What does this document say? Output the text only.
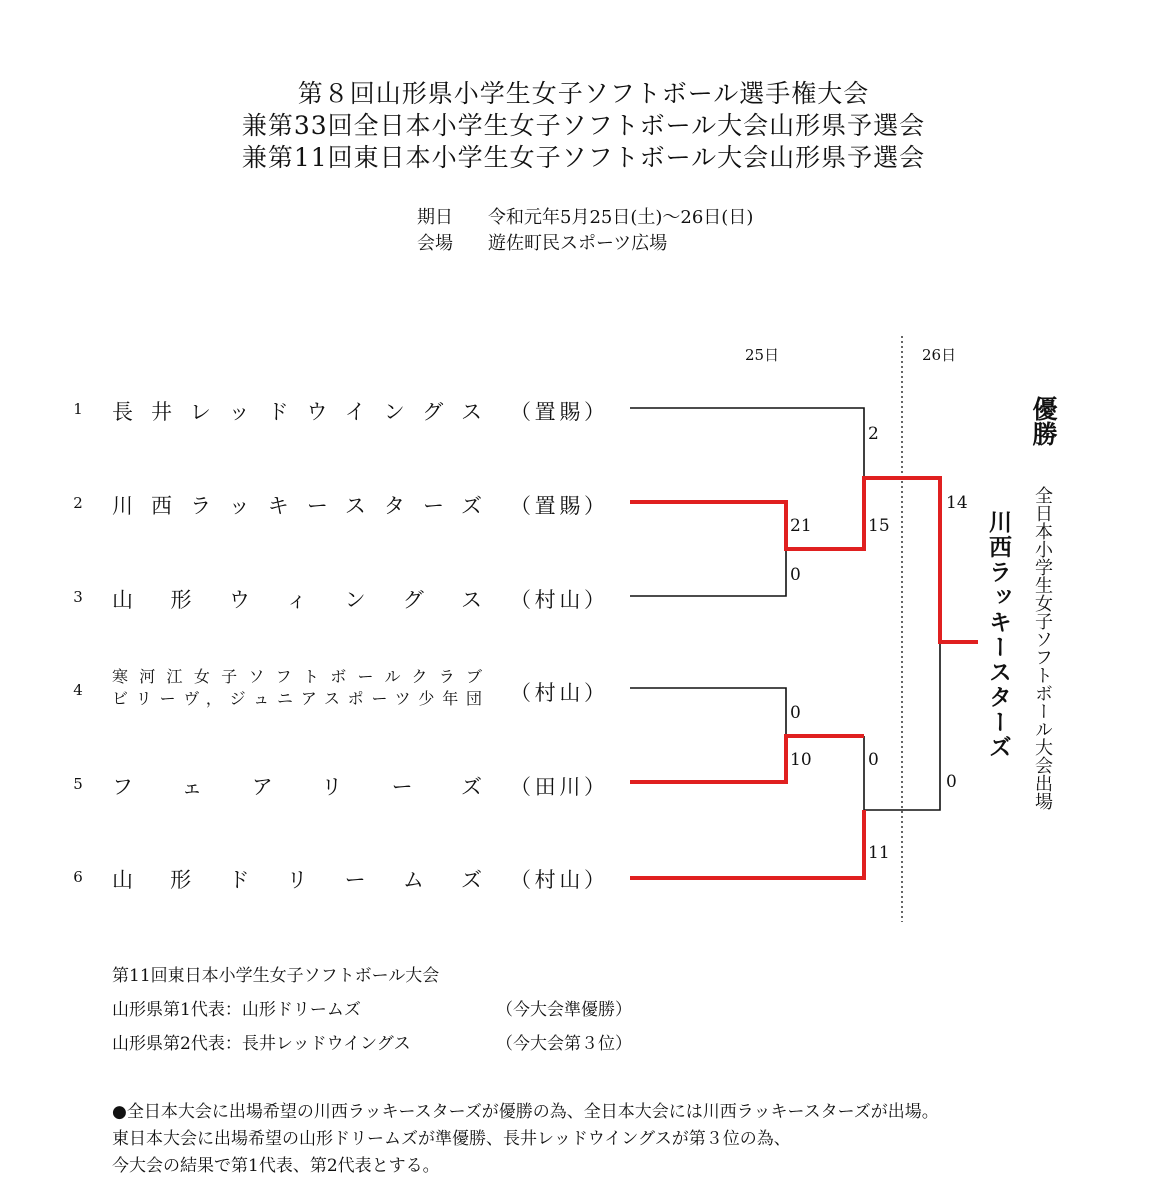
第８回山形県小学生女子ソフトボール選手権大会
兼第33回全日本小学生女子ソフトボール大会山形県予選会
兼第11回東日本小学生女子ソフトボール大会山形県予選会
期日 令和元年5月25日(土)～26日(日)
会場 遊佐町民スポーツ広場
25日	26日
1 長井レッドウイングス （置賜）
2 川西ラッキースターズ （置賜）
3 山形ウィングス （村山）
4
寒河江女子ソフトボールクラブ
ビリーヴ，ジュニアスポーツ少年団 （村山）
5 フェアリーズ （田川）
6 山形ドリームズ （村山）
2
21	15
0
14
0
10	0
0
11
優勝
川西ラッキースターズ 全日本小学生女子ソフトボール大会出場
第11回東日本小学生女子ソフトボール大会
山形県第1代表：山形ドリームズ	（今大会準優勝）
山形県第2代表：長井レッドウイングス	（今大会第３位）
●全日本大会に出場希望の川西ラッキースターズが優勝の為、全日本大会には川西ラッキースターズが出場。
東日本大会に出場希望の山形ドリームズが準優勝、長井レッドウイングスが第３位の為、
今大会の結果で第1代表、第2代表とする。
